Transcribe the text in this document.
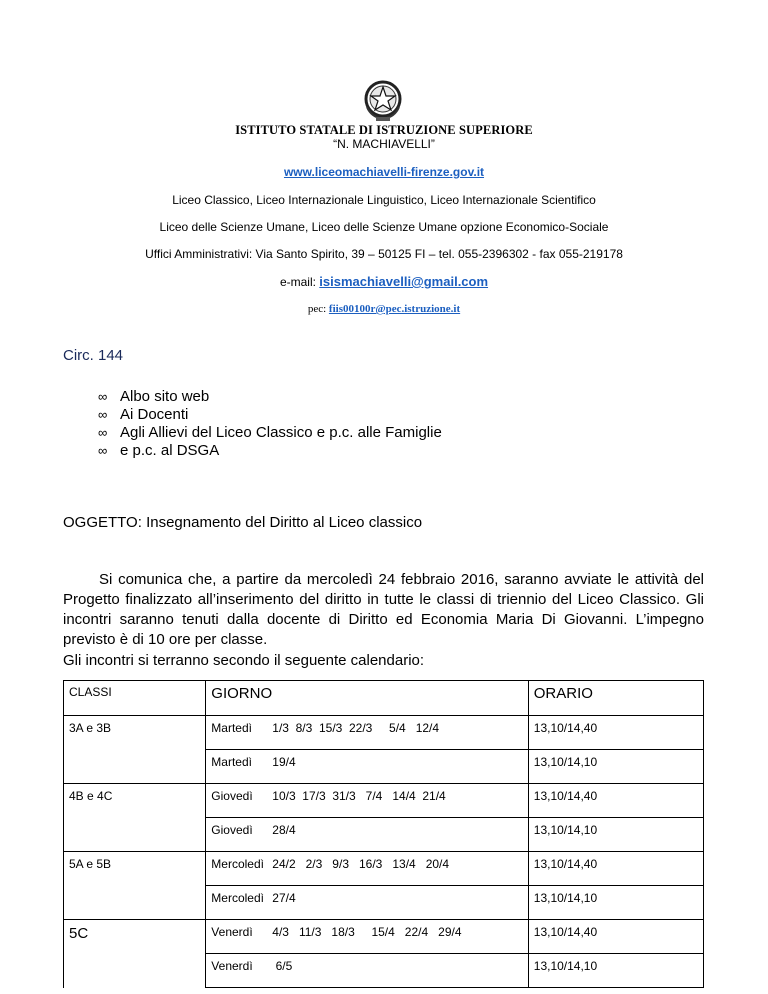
ISTITUTO STATALE DI ISTRUZIONE SUPERIORE
“N. MACHIAVELLI”
www.liceomachiavelli-firenze.gov.it
Liceo Classico, Liceo Internazionale Linguistico, Liceo Internazionale Scientifico
Liceo delle Scienze Umane, Liceo delle Scienze Umane opzione Economico-Sociale
Uffici Amministrativi: Via Santo Spirito, 39 – 50125 FI – tel. 055-2396302 - fax 055-219178
e-mail: isismachiavelli@gmail.com
pec: fiis00100r@pec.istruzione.it
Circ. 144
∞ Albo sito web
∞ Ai Docenti
∞ Agli Allievi del Liceo Classico e p.c. alle Famiglie
∞ e p.c. al DSGA
OGGETTO: Insegnamento del Diritto al Liceo classico
Si comunica che, a partire da mercoledì 24 febbraio 2016, saranno avviate le attività del Progetto finalizzato all’inserimento del diritto in tutte le classi di triennio del Liceo Classico. Gli incontri saranno tenuti dalla docente di Diritto ed Economia Maria Di Giovanni. L’impegno previsto è di 10 ore per classe.
Gli incontri si terranno secondo il seguente calendario:
CLASSI	GIORNO		ORARIO
3A e 3B	Martedì	1/3  8/3  15/3  22/3     5/4   12/4	13,10/14,40
	Martedì	19/4	13,10/14,10
4B e 4C	Giovedì	10/3  17/3  31/3   7/4   14/4  21/4	13,10/14,40
	Giovedì	28/4	13,10/14,10
5A e 5B	Mercoledì	24/2   2/3   9/3   16/3   13/4   20/4	13,10/14,40
	Mercoledì	27/4	13,10/14,10
5C	Venerdì	4/3   11/3   18/3     15/4   22/4   29/4	13,10/14,40
	Venerdì	6/5	13,10/14,10
